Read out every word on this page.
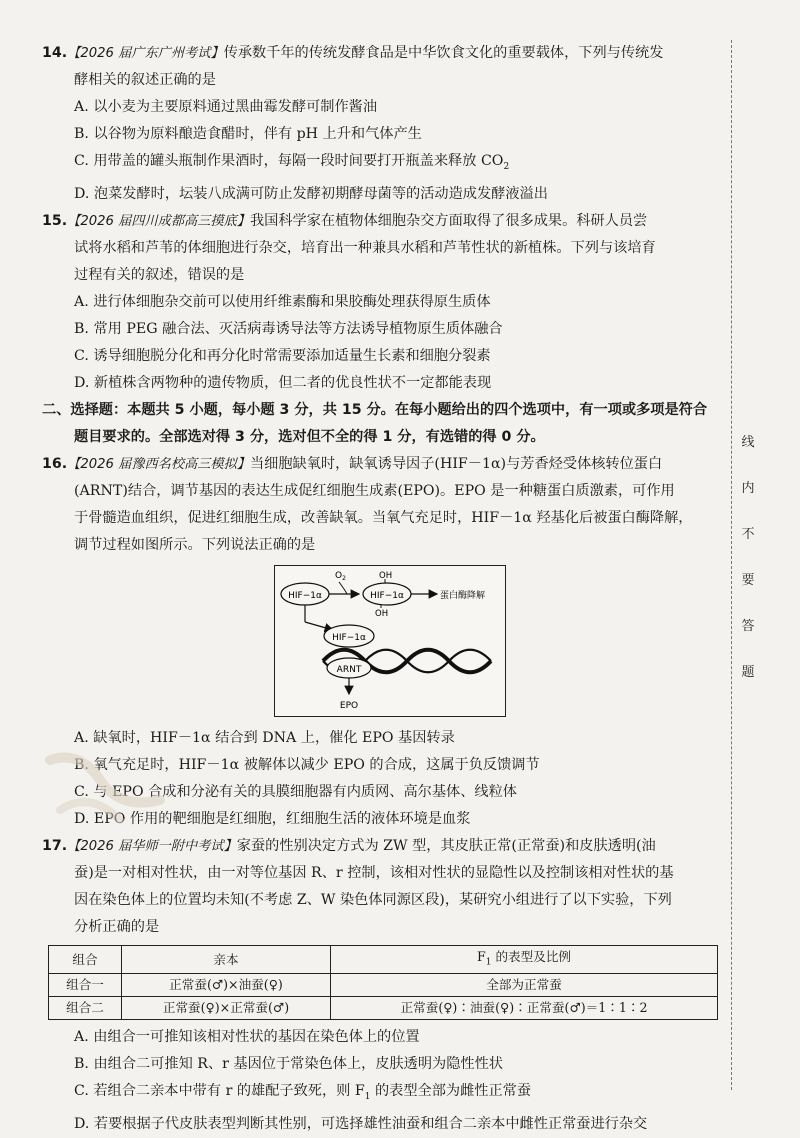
14.【2026 届广东广州考试】传承数千年的传统发酵食品是中华饮食文化的重要载体，下列与传统发
酵相关的叙述正确的是
A. 以小麦为主要原料通过黑曲霉发酵可制作酱油
B. 以谷物为原料酿造食醋时，伴有 pH 上升和气体产生
C. 用带盖的罐头瓶制作果酒时，每隔一段时间要打开瓶盖来释放 $CO_2$
D. 泡菜发酵时，坛装八成满可防止发酵初期酵母菌等的活动造成发酵液溢出
15.【2026 届四川成都高三摸底】我国科学家在植物体细胞杂交方面取得了很多成果。科研人员尝
试将水稻和芦苇的体细胞进行杂交，培育出一种兼具水稻和芦苇性状的新植株。下列与该培育
过程有关的叙述，错误的是
A. 进行体细胞杂交前可以使用纤维素酶和果胶酶处理获得原生质体
B. 常用 PEG 融合法、灭活病毒诱导法等方法诱导植物原生质体融合
C. 诱导细胞脱分化和再分化时常需要添加适量生长素和细胞分裂素
D. 新植株含两物种的遗传物质，但二者的优良性状不一定都能表现
二、选择题：本题共 5 小题，每小题 3 分，共 15 分。在每小题给出的四个选项中，有一项或多项是符合
题目要求的。全部选对得 3 分，选对但不全的得 1 分，有选错的得 0 分。
16.【2026 届豫西名校高三模拟】当细胞缺氧时，缺氧诱导因子(HIF－1α)与芳香烃受体核转位蛋白
(ARNT)结合，调节基因的表达生成促红细胞生成素(EPO)。EPO 是一种糖蛋白质激素，可作用
于骨髓造血组织，促进红细胞生成，改善缺氧。当氧气充足时，HIF－1α 羟基化后被蛋白酶降解，
调节过程如图所示。下列说法正确的是
HIF−1α
$O_2$
HIF−1α
OH
OH
蛋白酶降解
HIF−1α
ARNT
EPO
A. 缺氧时，HIF－1α 结合到 DNA 上，催化 EPO 基因转录
B. 氧气充足时，HIF－1α 被解体以减少 EPO 的合成，这属于负反馈调节
C. 与 EPO 合成和分泌有关的具膜细胞器有内质网、高尔基体、线粒体
D. EPO 作用的靶细胞是红细胞，红细胞生活的液体环境是血浆
17.【2026 届华师一附中考试】家蚕的性别决定方式为 ZW 型，其皮肤正常(正常蚕)和皮肤透明(油
蚕)是一对相对性状，由一对等位基因 R、r 控制，该相对性状的显隐性以及控制该相对性状的基
因在染色体上的位置均未知(不考虑 Z、W 染色体同源区段)，某研究小组进行了以下实验，下列
分析正确的是
组合	亲本	$F_1$ 的表型及比例
组合一	正常蚕(♂)×油蚕(♀)	全部为正常蚕
组合二	正常蚕(♀)×正常蚕(♂)	正常蚕(♀)∶油蚕(♀)∶正常蚕(♂)＝1∶1∶2
A. 由组合一可推知该相对性状的基因在染色体上的位置
B. 由组合二可推知 R、r 基因位于常染色体上，皮肤透明为隐性性状
C. 若组合二亲本中带有 r 的雄配子致死，则 $F_1$ 的表型全部为雌性正常蚕
D. 若要根据子代皮肤表型判断其性别，可选择雄性油蚕和组合二亲本中雌性正常蚕进行杂交
线
内
不
要
答
题
